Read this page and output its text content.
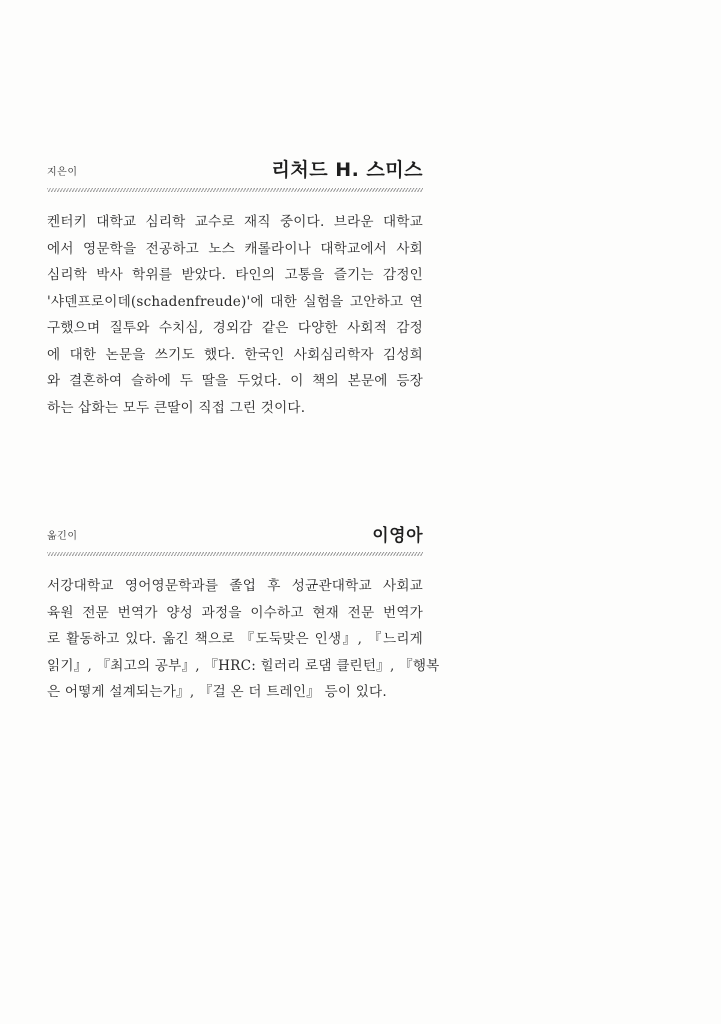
지은이	리처드 H. 스미스
켄터키 대학교 심리학 교수로 재직 중이다. 브라운 대학교
에서 영문학을 전공하고 노스 캐롤라이나 대학교에서 사회
심리학 박사 학위를 받았다. 타인의 고통을 즐기는 감정인
'샤덴프로이데(schadenfreude)'에 대한 실험을 고안하고 연
구했으며 질투와 수치심, 경외감 같은 다양한 사회적 감정
에 대한 논문을 쓰기도 했다. 한국인 사회심리학자 김성희
와 결혼하여 슬하에 두 딸을 두었다. 이 책의 본문에 등장
하는 삽화는 모두 큰딸이 직접 그린 것이다.
옮긴이	이영아
서강대학교 영어영문학과를 졸업 후 성균관대학교 사회교
육원 전문 번역가 양성 과정을 이수하고 현재 전문 번역가
로 활동하고 있다. 옮긴 책으로 『도둑맞은 인생』, 『느리게
읽기』, 『최고의 공부』, 『HRC: 힐러리 로댐 클린턴』, 『행복
은 어떻게 설계되는가』, 『걸 온 더 트레인』 등이 있다.
